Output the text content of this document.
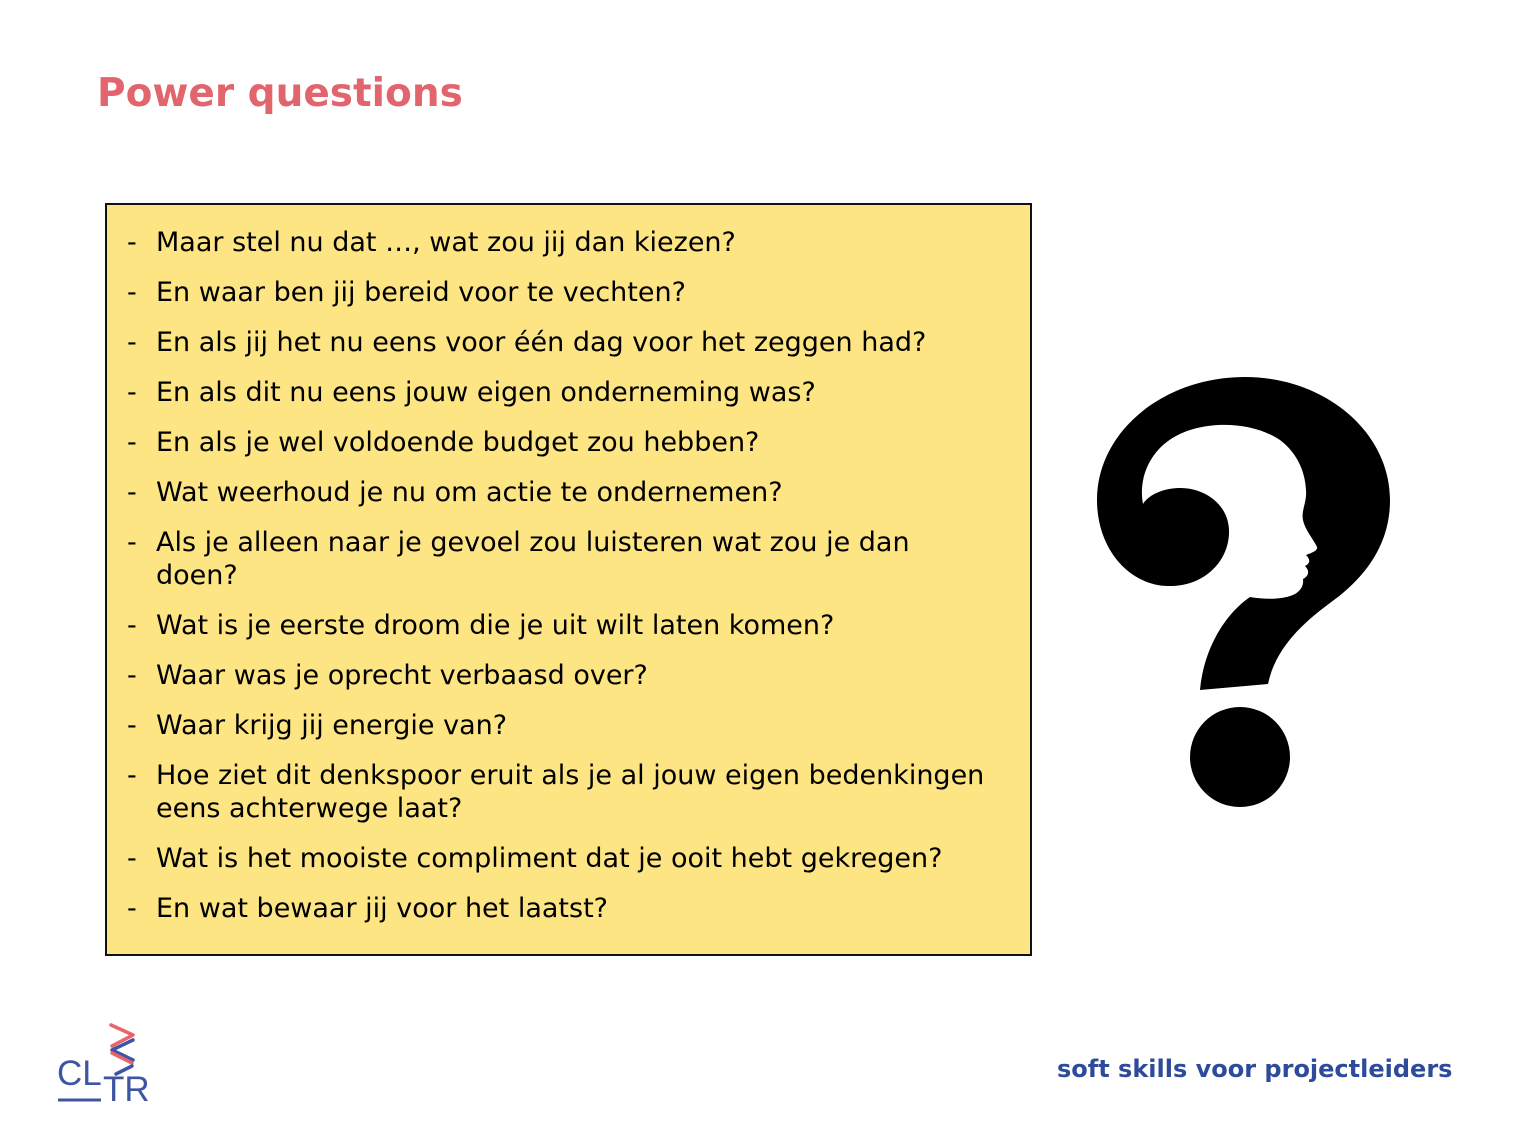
Power questions
- Maar stel nu dat …, wat zou jij dan kiezen?
- En waar ben jij bereid voor te vechten?
- En als jij het nu eens voor één dag voor het zeggen had?
- En als dit nu eens jouw eigen onderneming was?
- En als je wel voldoende budget zou hebben?
- Wat weerhoud je nu om actie te ondernemen?
- Als je alleen naar je gevoel zou luisteren wat zou je dan
doen?
- Wat is je eerste droom die je uit wilt laten komen?
- Waar was je oprecht verbaasd over?
- Waar krijg jij energie van?
- Hoe ziet dit denkspoor eruit als je al jouw eigen bedenkingen
eens achterwege laat?
- Wat is het mooiste compliment dat je ooit hebt gekregen?
- En wat bewaar jij voor het laatst?
CL TR
soft skills voor projectleiders
